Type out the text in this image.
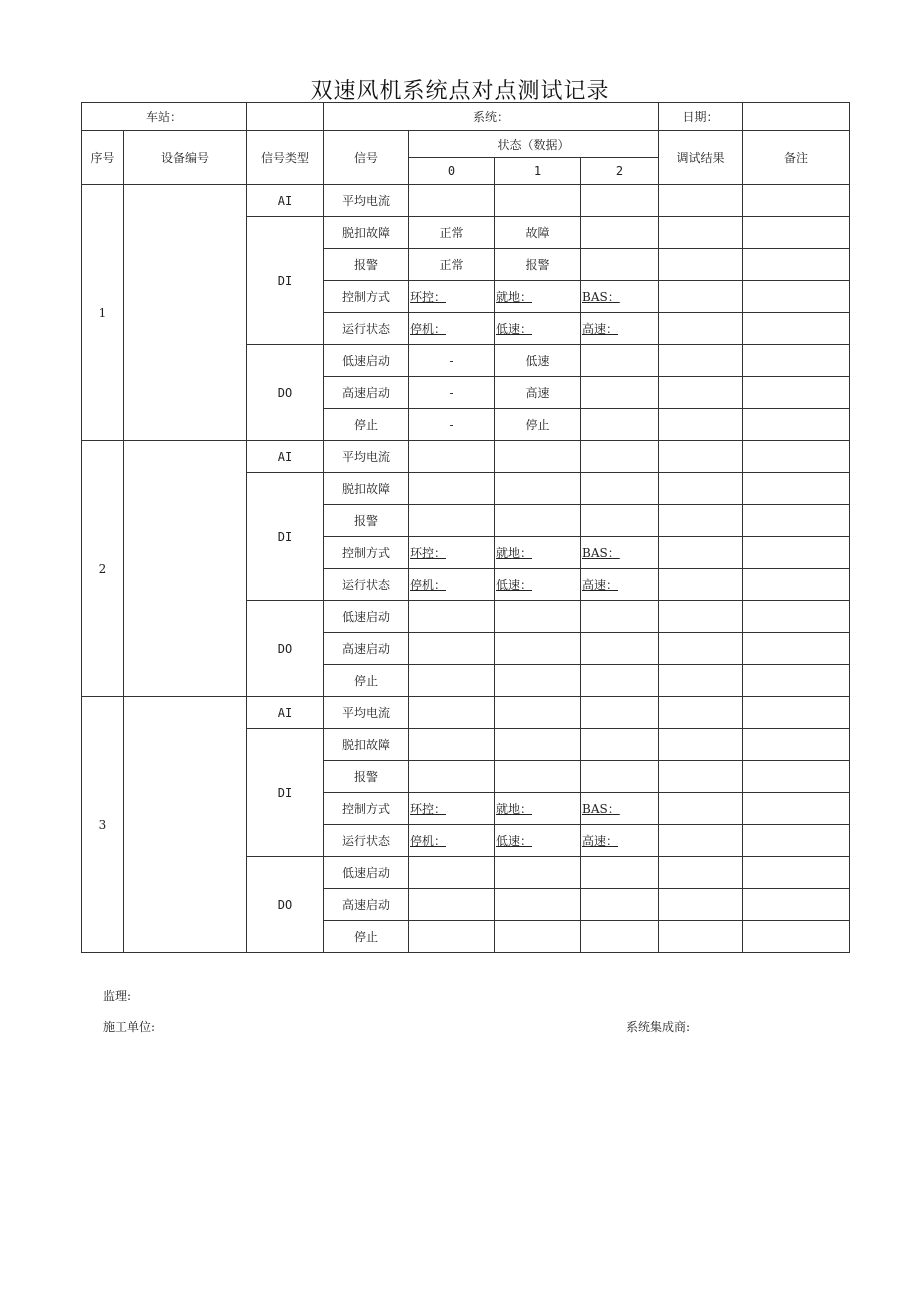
双速风机系统点对点测试记录
车站：			系统：				日期：	
序号	设备编号	信号类型	信号	状态（数据）			调试结果	备注
				0	1	2		
1		AI	平均电流					
		DI	脱扣故障	正常	故障			
			报警	正常	报警			
			控制方式	环控：	就地：	BAS：		
			运行状态	停机：	低速：	高速：		
		DO	低速启动	-	低速			
			高速启动	-	高速			
			停止	-	停止			
2		AI	平均电流					
		DI	脱扣故障					
			报警					
			控制方式	环控：	就地：	BAS：		
			运行状态	停机：	低速：	高速：		
		DO	低速启动					
			高速启动					
			停止					
3		AI	平均电流					
		DI	脱扣故障					
			报警					
			控制方式	环控：	就地：	BAS：		
			运行状态	停机：	低速：	高速：		
		DO	低速启动					
			高速启动					
			停止					
监理:
施工单位:	系统集成商:
